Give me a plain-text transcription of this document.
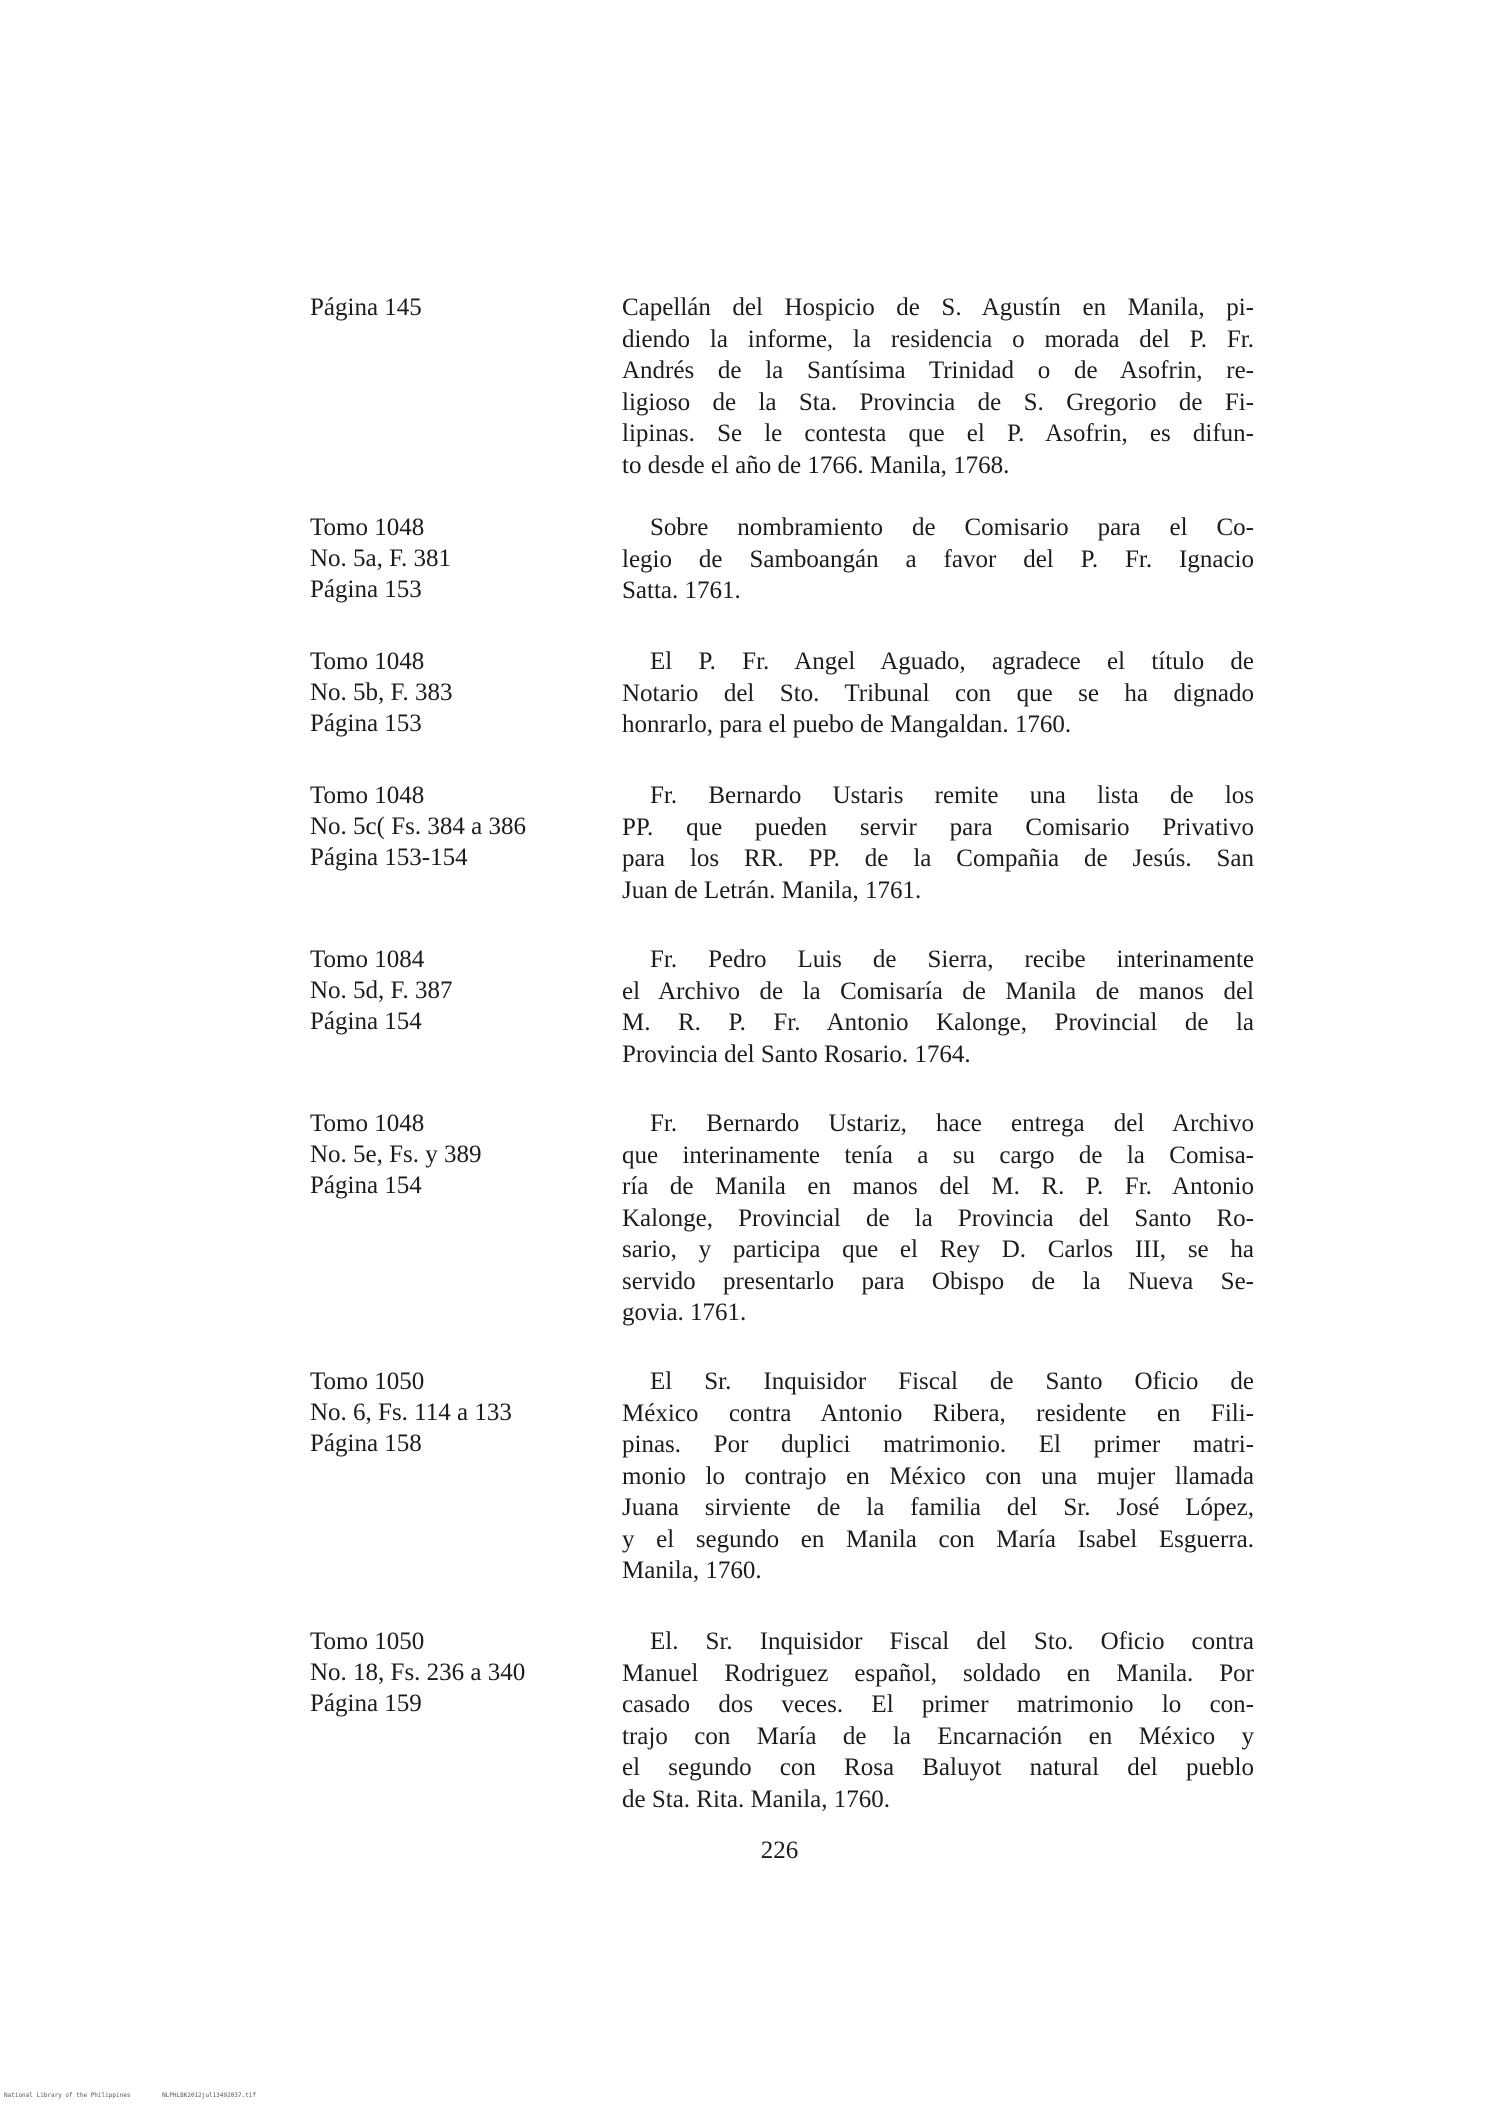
Página 145	Capellán del Hospicio de S. Agustín en Manila, pi-
diendo la informe, la residencia o morada del P. Fr.
Andrés de la Santísima Trinidad o de Asofrin, re-
ligioso de la Sta. Provincia de S. Gregorio de Fi-
lipinas. Se le contesta que el P. Asofrin, es difun-
to desde el año de 1766. Manila, 1768.
Tomo 1048
No. 5a, F. 381
Página 153
Sobre nombramiento de Comisario para el Co-
legio de Samboangán a favor del P. Fr. Ignacio
Satta. 1761.
Tomo 1048
No. 5b, F. 383
Página 153
El P. Fr. Angel Aguado, agradece el título de
Notario del Sto. Tribunal con que se ha dignado
honrarlo, para el puebo de Mangaldan. 1760.
Tomo 1048
No. 5c( Fs. 384 a 386
Página 153-154
Fr. Bernardo Ustaris remite una lista de los
PP. que pueden servir para Comisario Privativo
para los RR. PP. de la Compañia de Jesús. San
Juan de Letrán. Manila, 1761.
Tomo 1084
No. 5d, F. 387
Página 154
Fr. Pedro Luis de Sierra, recibe interinamente
el Archivo de la Comisaría de Manila de manos del
M. R. P. Fr. Antonio Kalonge, Provincial de la
Provincia del Santo Rosario. 1764.
Tomo 1048
No. 5e, Fs. y 389
Página 154
Fr. Bernardo Ustariz, hace entrega del Archivo
que interinamente tenía a su cargo de la Comisa-
ría de Manila en manos del M. R. P. Fr. Antonio
Kalonge, Provincial de la Provincia del Santo Ro-
sario, y participa que el Rey D. Carlos III, se ha
servido presentarlo para Obispo de la Nueva Se-
govia. 1761.
Tomo 1050
No. 6, Fs. 114 a 133
Página 158
El Sr. Inquisidor Fiscal de Santo Oficio de
México contra Antonio Ribera, residente en Fili-
pinas. Por duplici matrimonio. El primer matri-
monio lo contrajo en México con una mujer llamada
Juana sirviente de la familia del Sr. José López,
y el segundo en Manila con María Isabel Esguerra.
Manila, 1760.
Tomo 1050
No. 18, Fs. 236 a 340
Página 159
El. Sr. Inquisidor Fiscal del Sto. Oficio contra
Manuel Rodriguez español, soldado en Manila. Por
casado dos veces. El primer matrimonio lo con-
trajo con María de la Encarnación en México y
el segundo con Rosa Baluyot natural del pueblo
de Sta. Rita. Manila, 1760.
226
National Library of the Philippines	NLPHLBK2012jul13492037.tif
